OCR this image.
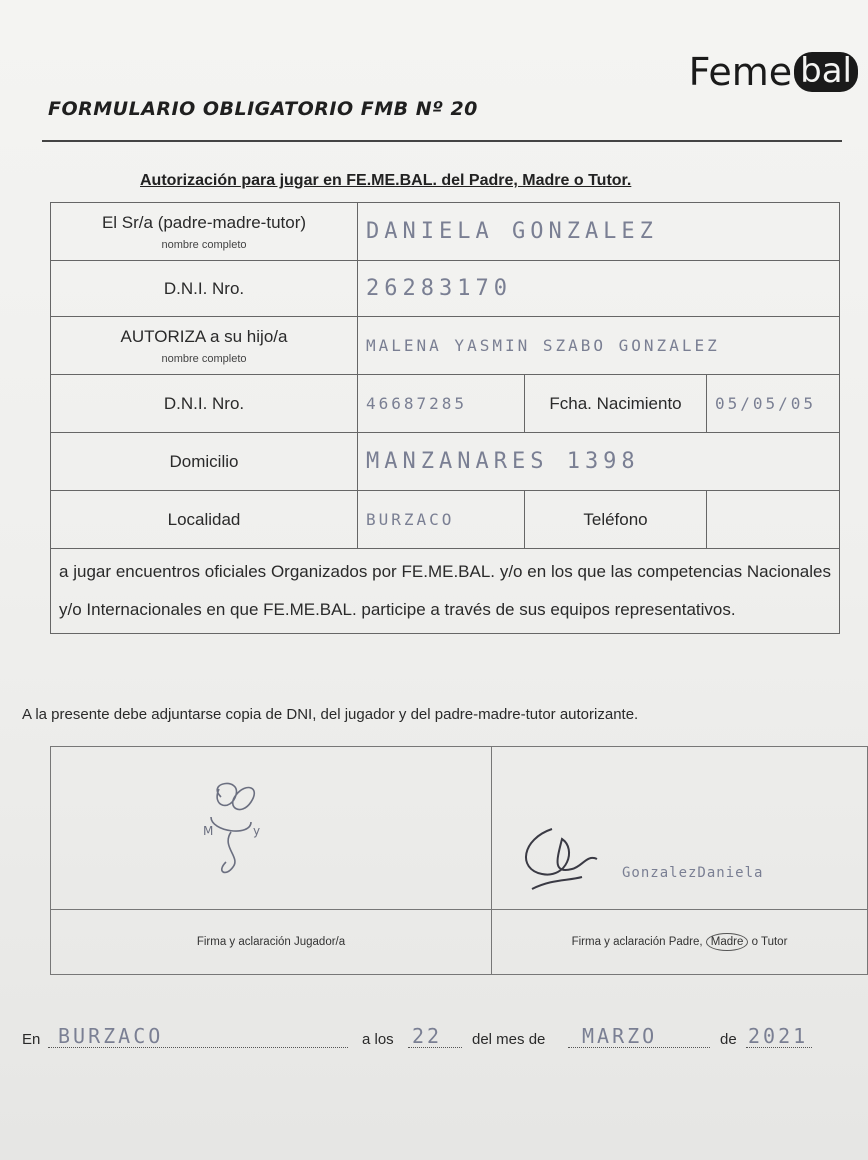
Feme bal
FORMULARIO OBLIGATORIO FMB Nº 20
Autorización para jugar en FE.ME.BAL. del Padre, Madre o Tutor.
El Sr/a (padre-madre-tutor)
nombre completo	DANIELA GONZALEZ		
D.N.I. Nro.	26283170		
AUTORIZA a su hijo/a
nombre completo	MALENA YASMIN SZABO GONZALEZ		
D.N.I. Nro.	46687285	Fcha. Nacimiento	05/05/05
Domicilio	MANZANARES 1398		
Localidad	BURZACO	Teléfono	
a jugar encuentros oficiales Organizados por FE.ME.BAL. y/o en los que las competencias Nacionales y/o Internacionales en que FE.ME.BAL. participe a través de sus equipos representativos.			
A la presente debe adjuntarse copia de DNI, del jugador y del padre-madre-tutor autorizante.
M y	GonzalezDaniela

Firma y aclaración Jugador/a	Firma y aclaración Padre, Madre o Tutor
En BURZACO	a los 22 del mes de MARZO	de 2021
